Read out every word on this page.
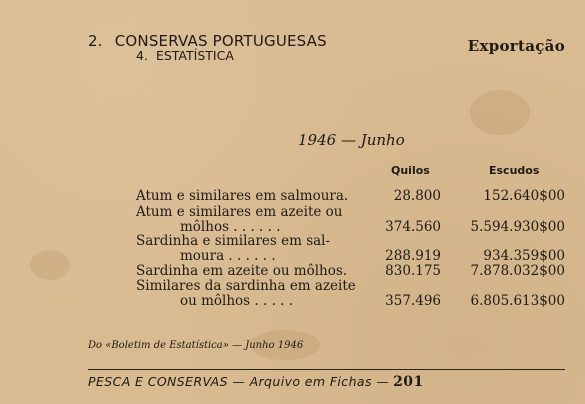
2. CONSERVAS PORTUGUESAS
4. ESTATÍSTICA
Exportação
1946 — Junho
Quilos	Escudos
Atum e similares em salmoura.	28.800	152.640$00
Atum e similares em azeite ou
môlhos . . . . . .	374.560 5.594.930$00
Sardinha e similares em sal-
moura . . . . . .	288.919	934.359$00
Sardinha em azeite ou môlhos.	830.175 7.878.032$00
Similares da sardinha em azeite
ou môlhos . . . . .	357.496 6.805.613$00
Do «Boletim de Estatística» — Junho 1946
PESCA E CONSERVAS — Arquivo em Fichas — 201
